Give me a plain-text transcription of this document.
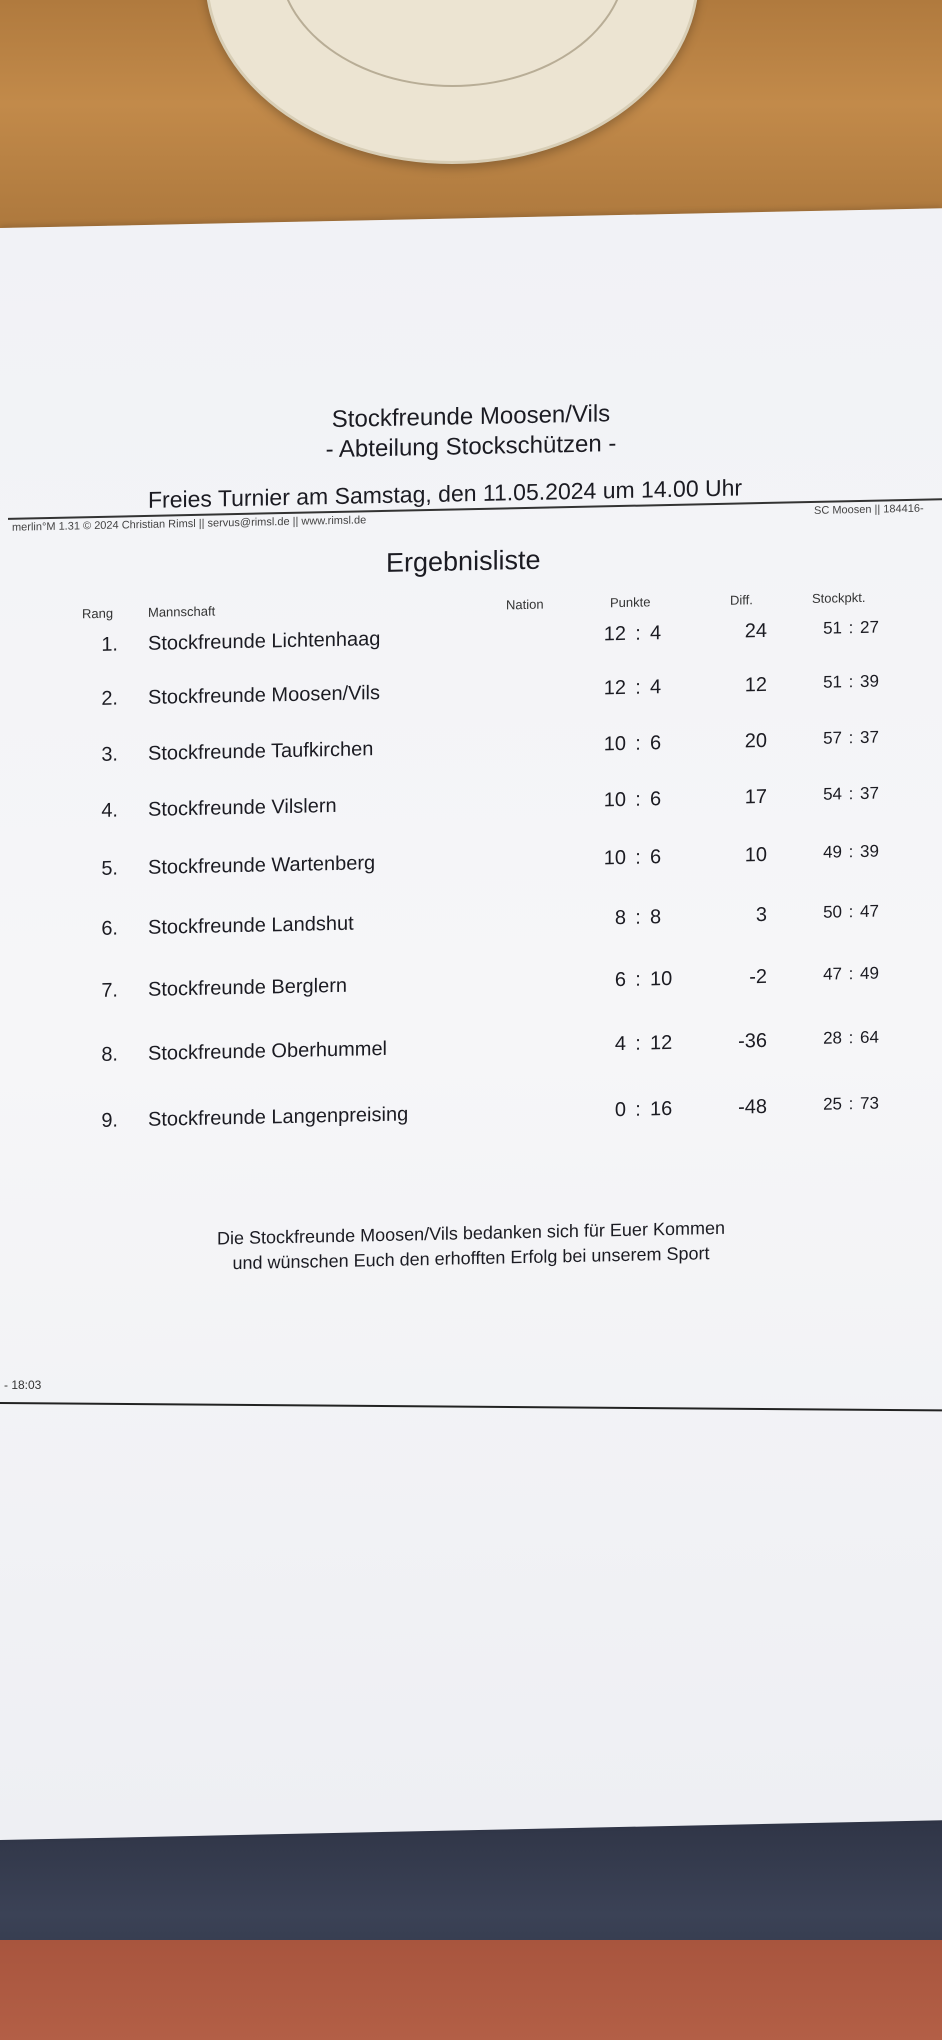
Stockfreunde Moosen/Vils
- Abteilung Stockschützen -
Freies Turnier am Samstag, den 11.05.2024 um 14.00 Uhr
merlin°M 1.31 © 2024 Christian Rimsl || servus@rimsl.de || www.rimsl.de
SC Moosen || 184416-
Ergebnisliste
Rang	Mannschaft	Nation	Punkte	Diff.	Stockpkt.
1. Stockfreunde Lichtenhaag	12 : 4	24	51 : 27
2. Stockfreunde Moosen/Vils	12 : 4	12	51 : 39
3. Stockfreunde Taufkirchen	10 : 6	20	57 : 37
4. Stockfreunde Vilslern	10 : 6	17	54 : 37
5. Stockfreunde Wartenberg	10 : 6	10	49 : 39
6. Stockfreunde Landshut	8 : 8	3	50 : 47
7. Stockfreunde Berglern	6 : 10	-2	47 : 49
8. Stockfreunde Oberhummel	4 : 12	-36	28 : 64
9. Stockfreunde Langenpreising	0 : 16	-48	25 : 73
Die Stockfreunde Moosen/Vils bedanken sich für Euer Kommen
und wünschen Euch den erhofften Erfolg bei unserem Sport
- 18:03
